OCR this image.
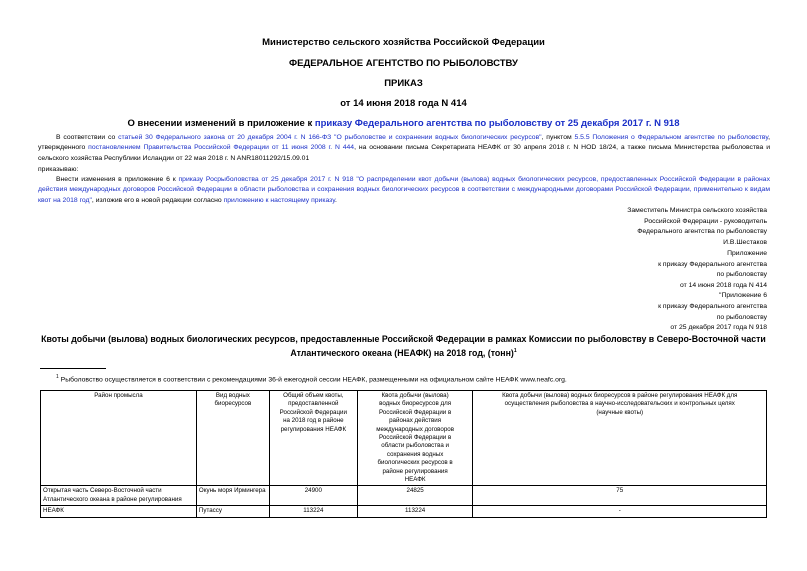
Министерство сельского хозяйства Российской Федерации
ФЕДЕРАЛЬНОЕ АГЕНТСТВО ПО РЫБОЛОВСТВУ
ПРИКАЗ
от 14 июня 2018 года N 414
О внесении изменений в приложение к приказу Федерального агентства по рыболовству от 25 декабря 2017 г. N 918
В соответствии со статьей 30 Федерального закона от 20 декабря 2004 г. N 166-ФЗ "О рыболовстве и сохранении водных биологических ресурсов", пунктом 5.5.5 Положения о Федеральном агентстве по рыболовству, утвержденного постановлением Правительства Российской Федерации от 11 июня 2008 г. N 444, на основании письма Секретариата НЕАФК от 30 апреля 2018 г. N HOD 18/24, а также письма Министерства рыболовства и сельского хозяйства Республики Исландии от 22 мая 2018 г. N ANR18011292/15.09.01
приказываю:
Внести изменения в приложение 6 к приказу Росрыболовства от 25 декабря 2017 г. N 918 "О распределении квот добычи (вылова) водных биологических ресурсов, предоставленных Российской Федерации в районах действия международных договоров Российской Федерации в области рыболовства и сохранения водных биологических ресурсов в соответствии с международными договорами Российской Федерации, применительно к видам квот на 2018 год", изложив его в новой редакции согласно приложению к настоящему приказу.
Заместитель Министра сельского хозяйства
Российской Федерации - руководитель
Федерального агентства по рыболовству
И.В.Шестаков
Приложение
к приказу Федерального агентства
по рыболовству
от 14 июня 2018 года N 414
"Приложение 6
к приказу Федерального агентства
по рыболовству
от 25 декабря 2017 года N 918
Квоты добычи (вылова) водных биологических ресурсов, предоставленные Российской Федерации в рамках Комиссии по рыболовству в Северо-Восточной части Атлантического океана (НЕАФК) на 2018 год, (тонн)$^1$
$^1$ Рыболовство осуществляется в соответствии с рекомендациями 36-й ежегодной сессии НЕАФК, размещенными на официальном сайте НЕАФК www.neafc.org.
Район промысла	Вид водных биоресурсов	Общий объем квоты, предоставленной Российской Федерации на 2018 год в районе регулирования НЕАФК	Квота добычи (вылова) водных биоресурсов для Российской Федерации в районах действия международных договоров Российской Федерации в области рыболовства и сохранения водных биологических ресурсов в районе регулирования НЕАФК	Квота добычи (вылова) водных биоресурсов в районе регулирования НЕАФК для осуществления рыболовства в научно-исследовательских и контрольных целях (научные квоты)
Открытая часть Северо-Восточной части Атлантического океана в районе регулирования	Окунь моря Ирмингера	24900	24825	75
НЕАФК	Путассу	113224	113224	-
